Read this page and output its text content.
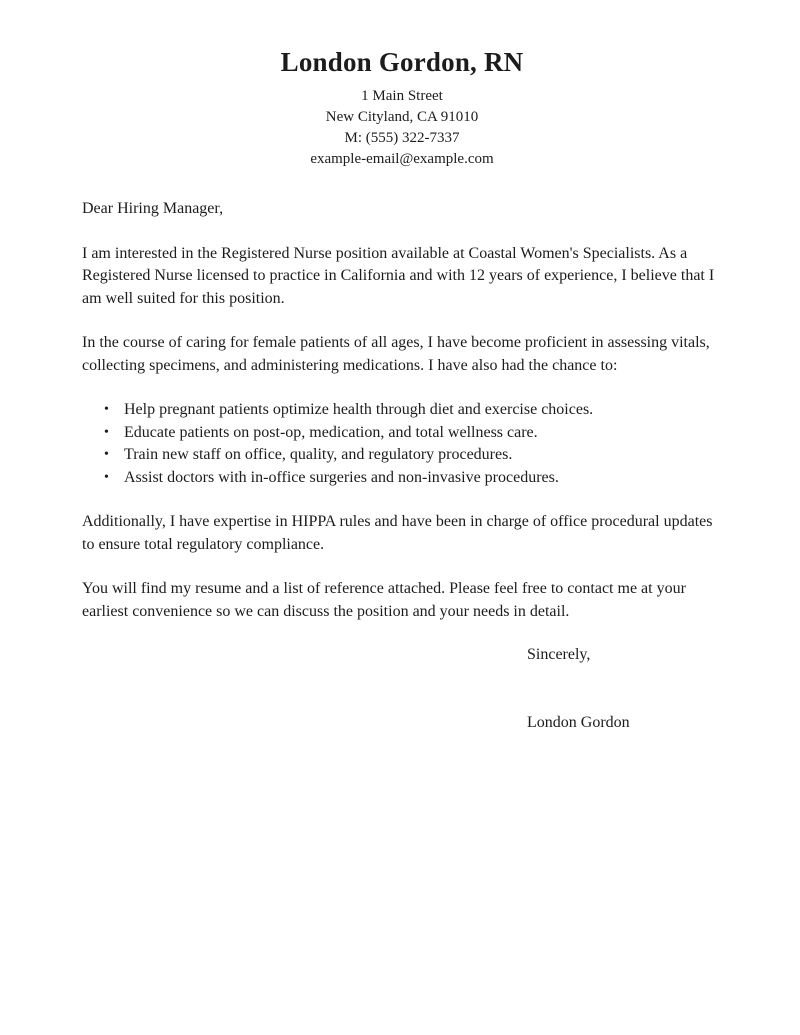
London Gordon, RN
1 Main Street
New Cityland, CA 91010
M: (555) 322-7337
example-email@example.com

Dear Hiring Manager,

I am interested in the Registered Nurse position available at Coastal Women's Specialists. As a Registered Nurse licensed to practice in California and with 12 years of experience, I believe that I am well suited for this position.

In the course of caring for female patients of all ages, I have become proficient in assessing vitals, collecting specimens, and administering medications. I have also had the chance to:

• Help pregnant patients optimize health through diet and exercise choices.
• Educate patients on post-op, medication, and total wellness care.
• Train new staff on office, quality, and regulatory procedures.
• Assist doctors with in-office surgeries and non-invasive procedures.

Additionally, I have expertise in HIPPA rules and have been in charge of office procedural updates to ensure total regulatory compliance.

You will find my resume and a list of reference attached. Please feel free to contact me at your earliest convenience so we can discuss the position and your needs in detail.

Sincerely,

London Gordon
